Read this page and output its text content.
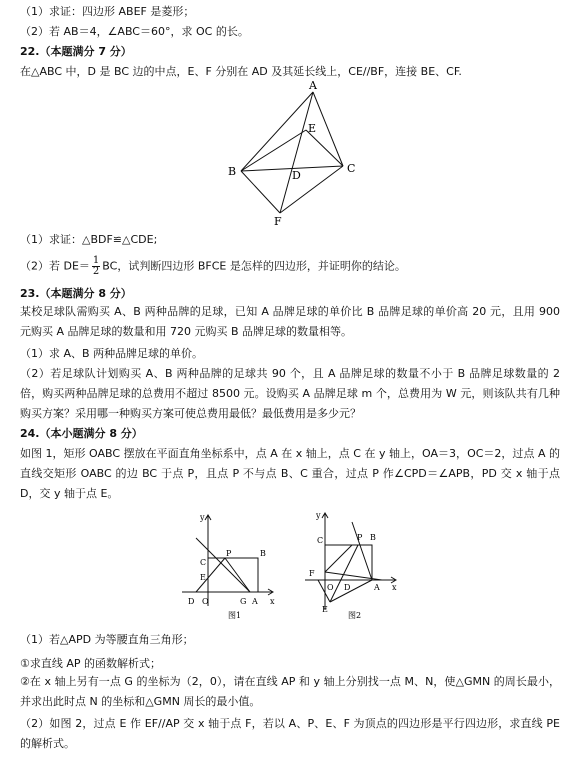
（1）求证：四边形 ABEF 是菱形；
（2）若 AB＝4，∠ABC＝60°，求 OC 的长。
22.（本题满分 7 分）
在△ABC 中，D 是 BC 边的中点，E、F 分别在 AD 及其延长线上，CE//BF，连接 BE、CF.
A
E
B	C
D
F
（1）求证：△BDF≌△CDE;
（2）若 $DE= \frac{1}{2}$ BC，试判断四边形 BFCE 是怎样的四边形，并证明你的结论。
23.（本题满分 8 分）
某校足球队需购买 A、B 两种品牌的足球，已知 A 品牌足球的单价比 B 品牌足球的单价高 20 元，且用 900 元购买 A 品牌足球的数量和用 720 元购买 B 品牌足球的数量相等。
（1）求 A、B 两种品牌足球的单价。
（2）若足球队计划购买 A、B 两种品牌的足球共 90 个，且 A 品牌足球的数量不小于 B 品牌足球数量的 2 倍，购买两种品牌足球的总费用不超过 8500 元。设购买 A 品牌足球 m 个，总费用为 W 元，则该队共有几种购买方案？采用哪一种购买方案可使总费用最低？最低费用是多少元？
24.（本小题满分 8 分）
如图 1，矩形 OABC 摆放在平面直角坐标系中，点 A 在 x 轴上，点 C 在 y 轴上，OA＝3，OC＝2，过点 A 的直线交矩形 OABC 的边 BC 于点 P，且点 P 不与点 B、C 重合，过点 P 作∠CPD＝∠APB，PD 交 x 轴于点 D，交 y 轴于点 E。
y
x
C
P	B
E
D O	G A
图1
y
x
C	P B
F
O D	A
E
图2
（1）若△APD 为等腰直角三角形；
①求直线 AP 的函数解析式；
②在 x 轴上另有一点 G 的坐标为（2，0），请在直线 AP 和 y 轴上分别找一点 M、N，使△GMN 的周长最小，并求出此时点 N 的坐标和△GMN 周长的最小值。
（2）如图 2，过点 E 作 EF//AP 交 x 轴于点 F，若以 A、P、E、F 为顶点的四边形是平行四边形，求直线 PE 的解析式。
